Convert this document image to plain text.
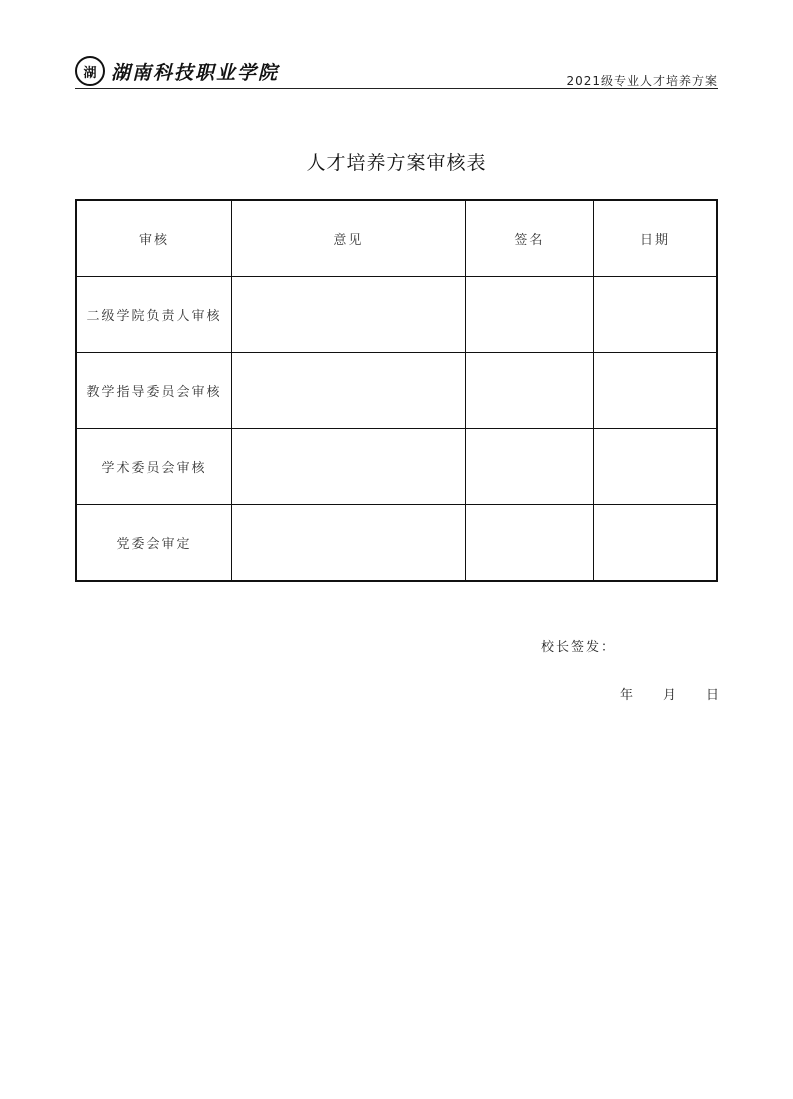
湖 湖南科技职业学院	2021级专业人才培养方案
人才培养方案审核表
审核	意见	签名	日期
二级学院负责人审核			
教学指导委员会审核			
学术委员会审核			
党委会审定			
校长签发：
年 月 日
